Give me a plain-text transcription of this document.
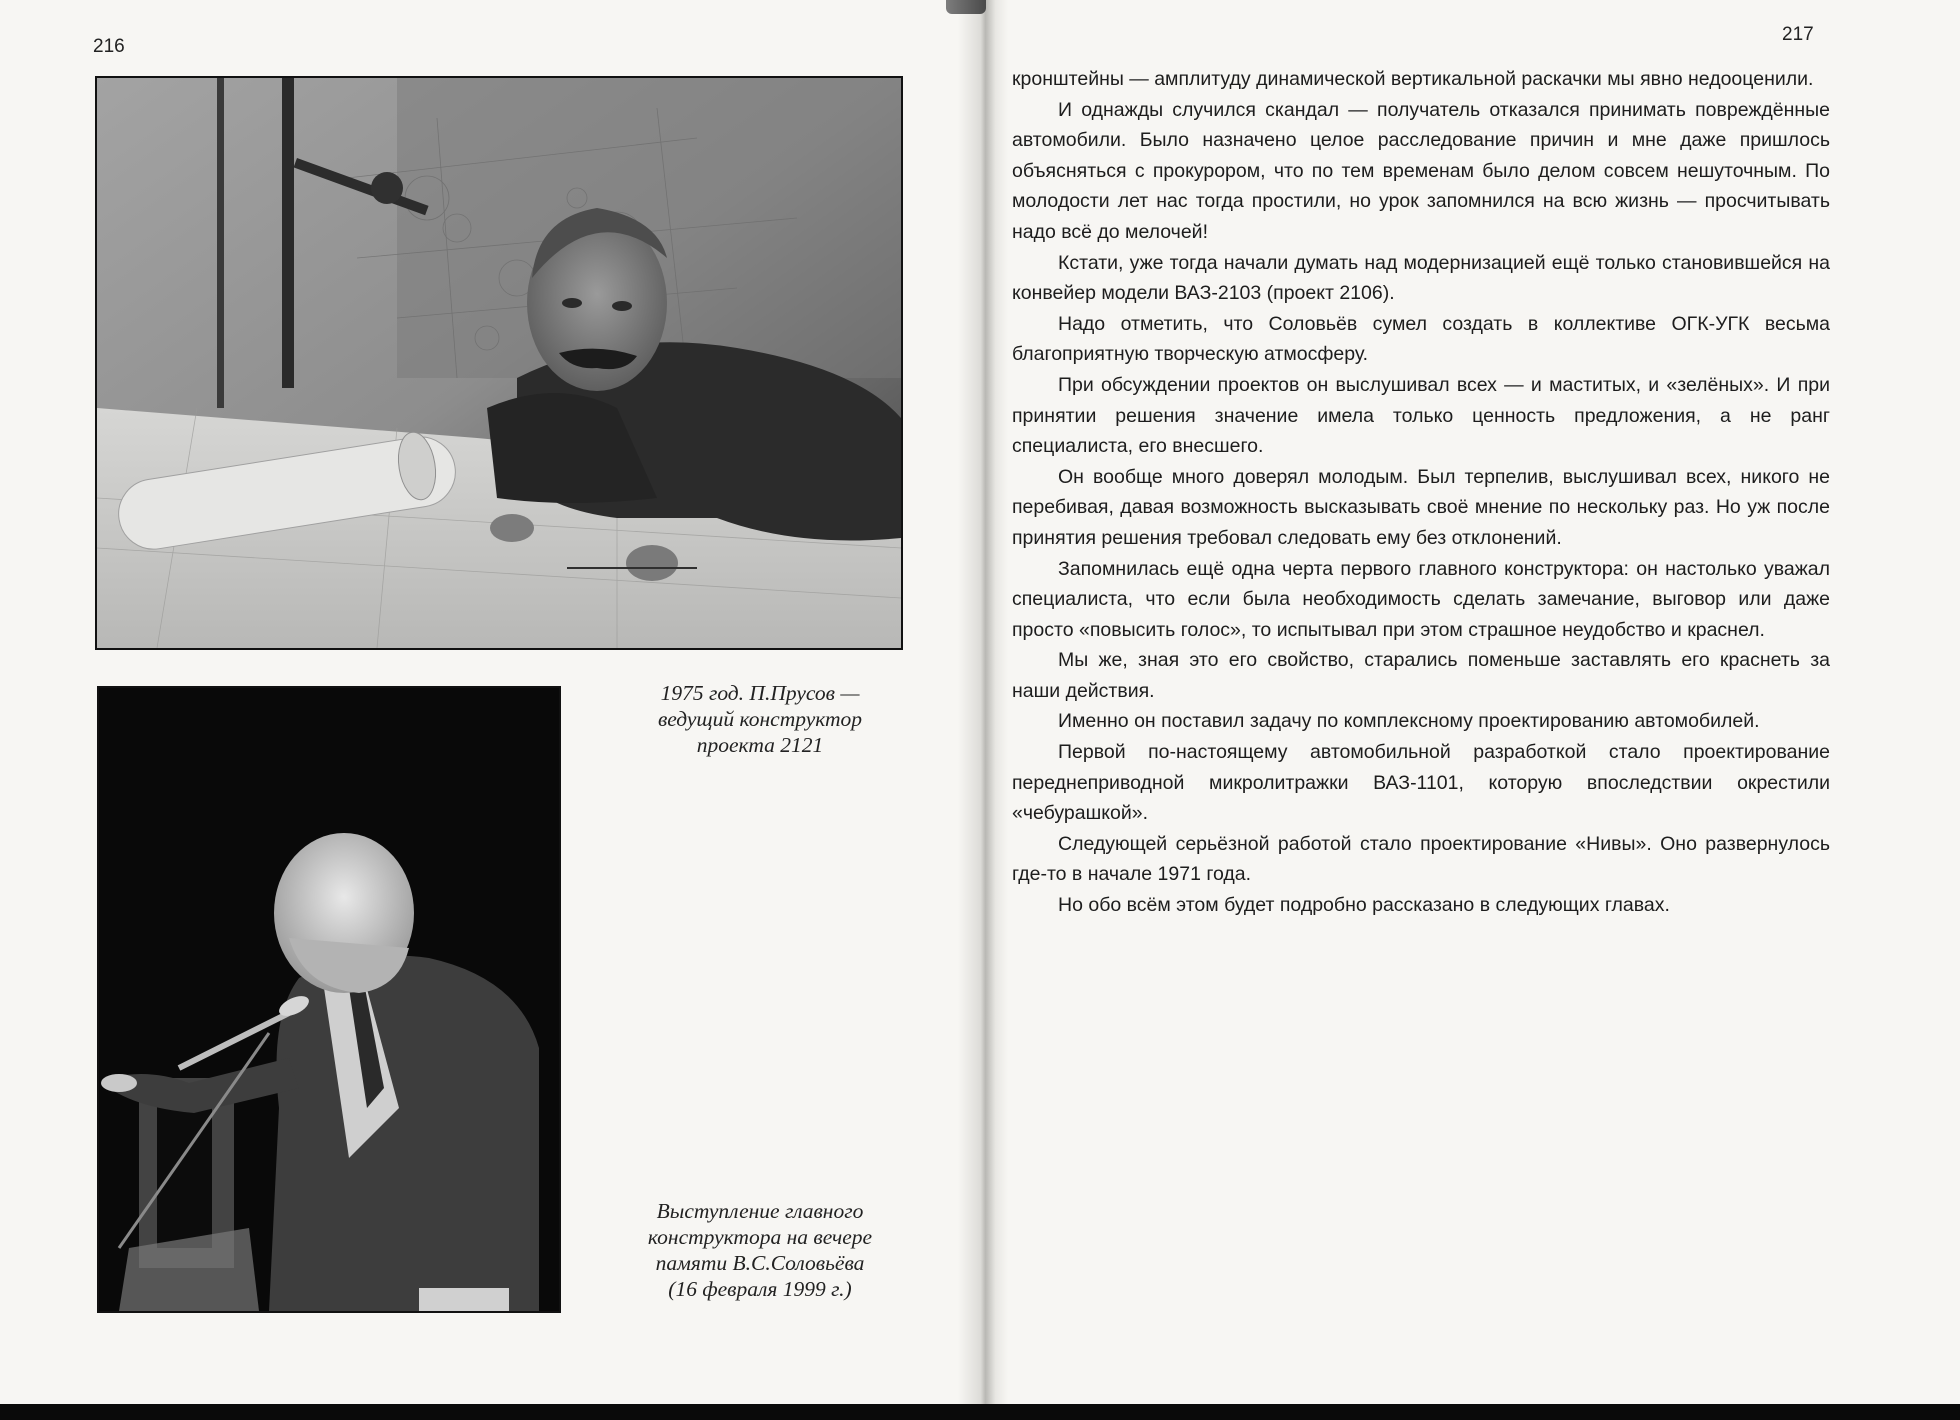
216
1975 год. П.Прусов —
ведущий конструктор
проекта 2121
Выступление главного
конструктора на вечере
памяти В.С.Соловьёва
(16 февраля 1999 г.)
217

кронштейны — амплитуду динамической вертикальной раскачки мы явно недооценили.

И однажды случился скандал — получатель отказался принимать повреждённые автомобили. Было назначено целое расследование причин и мне даже пришлось объясняться с прокурором, что по тем временам было делом совсем нешуточным. По молодости лет нас тогда простили, но урок запомнился на всю жизнь — просчитывать надо всё до мелочей!

Кстати, уже тогда начали думать над модернизацией ещё только становившейся на конвейер модели ВАЗ-2103 (проект 2106).

Надо отметить, что Соловьёв сумел создать в коллективе ОГК-УГК весьма благоприятную творческую атмосферу.

При обсуждении проектов он выслушивал всех — и маститых, и «зелёных». И при принятии решения значение имела только ценность предложения, а не ранг специалиста, его внесшего.

Он вообще много доверял молодым. Был терпелив, выслушивал всех, никого не перебивая, давая возможность высказывать своё мнение по нескольку раз. Но уж после принятия решения требовал следовать ему без отклонений.

Запомнилась ещё одна черта первого главного конструктора: он настолько уважал специалиста, что если была необходимость сделать замечание, выговор или даже просто «повысить голос», то испытывал при этом страшное неудобство и краснел.

Мы же, зная это его свойство, старались поменьше заставлять его краснеть за наши действия.

Именно он поставил задачу по комплексному проектированию автомобилей.

Первой по-настоящему автомобильной разработкой стало проектирование переднеприводной микролитражки ВАЗ-1101, которую впоследствии окрестили «чебурашкой».

Следующей серьёзной работой стало проектирование «Нивы». Оно развернулось где-то в начале 1971 года.

Но обо всём этом будет подробно рассказано в следующих главах.
